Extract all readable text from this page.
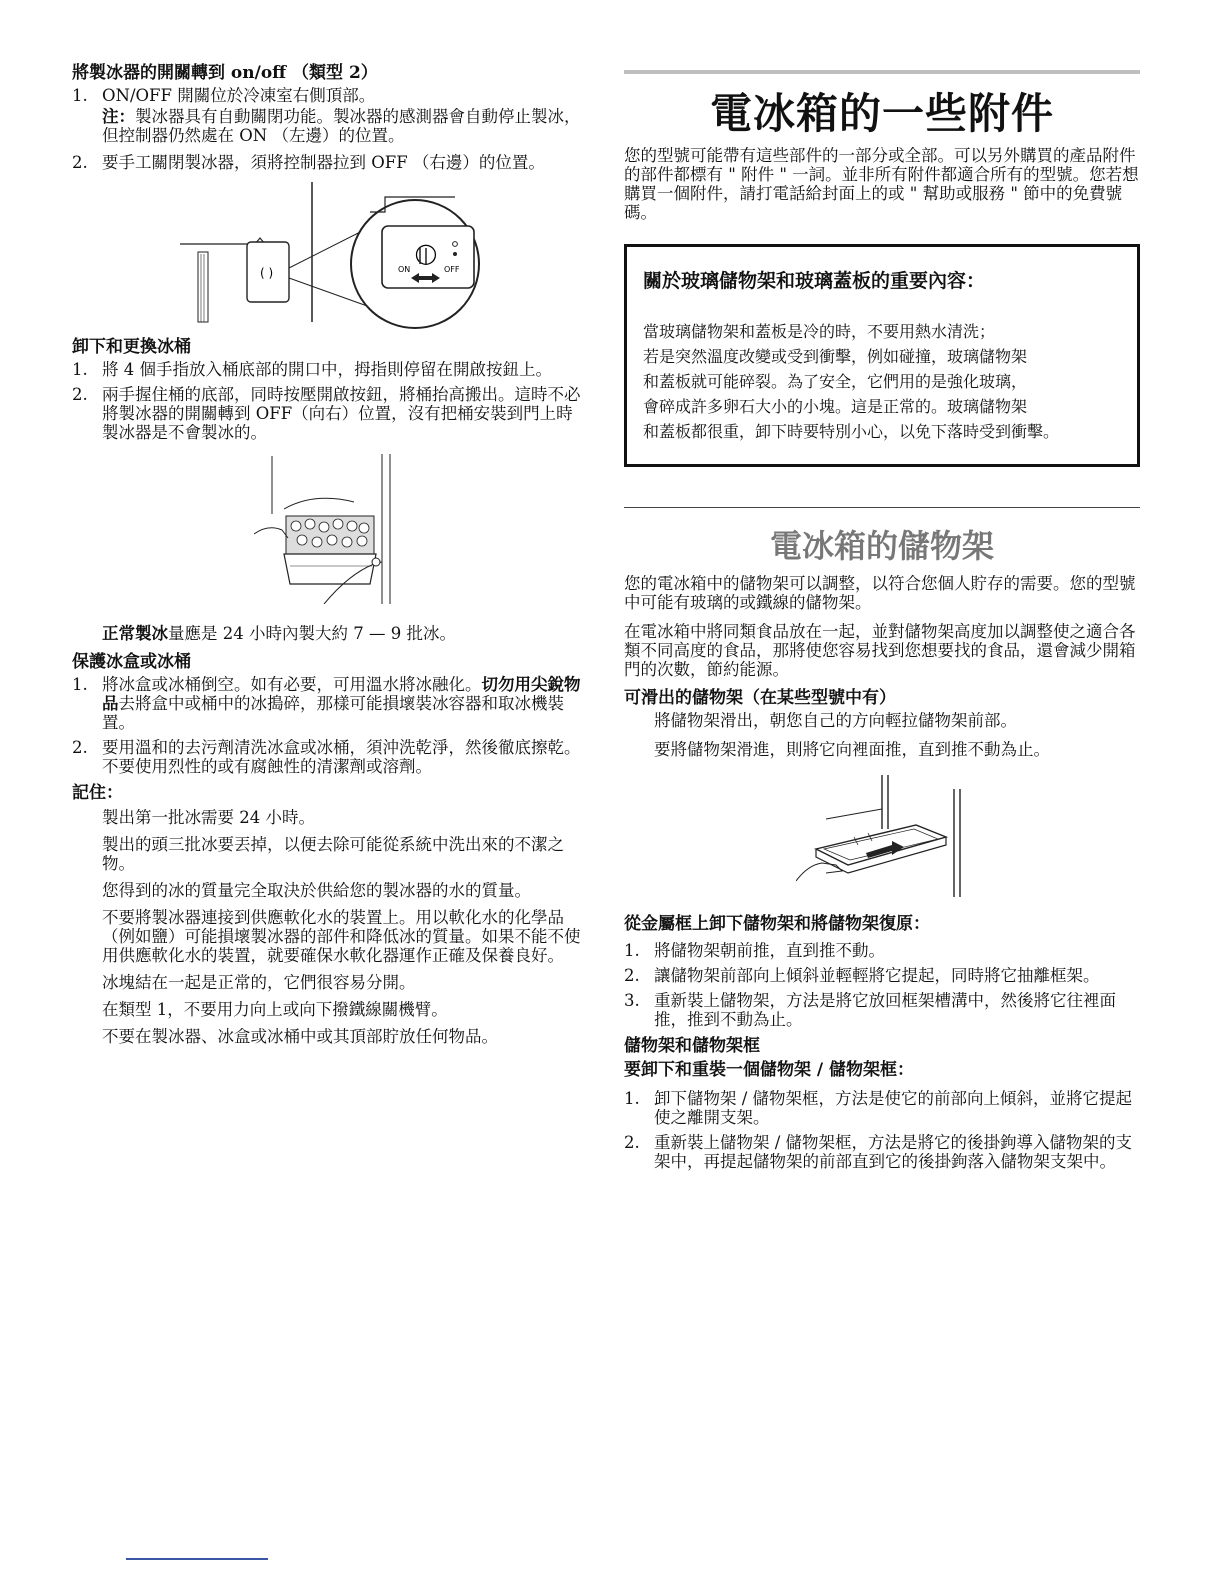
將製冰器的開關轉到 on/off （類型 2）
1. ON/OFF 開關位於冷凍室右側頂部。
注：製冰器具有自動關閉功能。製冰器的感測器會自動停止製冰，但控制器仍然處在 ON （左邊）的位置。
2. 要手工關閉製冰器，須將控制器拉到 OFF （右邊）的位置。
( )
◯
ON	OFF
卸下和更換冰桶
1. 將 4 個手指放入桶底部的開口中，拇指則停留在開啟按鈕上。
2. 兩手握住桶的底部，同時按壓開啟按鈕，將桶抬高搬出。這時不必將製冰器的開關轉到 OFF（向右）位置，沒有把桶安裝到門上時製冰器是不會製冰的。

正常製冰量應是 24 小時內製大約 7 — 9 批冰。

保護冰盒或冰桶
1. 將冰盒或冰桶倒空。如有必要，可用溫水將冰融化。切勿用尖銳物品去將盒中或桶中的冰搗碎，那樣可能損壞裝冰容器和取冰機裝置。
2. 要用溫和的去污劑清洗冰盒或冰桶，須沖洗乾淨，然後徹底擦乾。不要使用烈性的或有腐蝕性的清潔劑或溶劑。
記住：

製出第一批冰需要 24 小時。

製出的頭三批冰要丟掉，以便去除可能從系統中洗出來的不潔之物。

您得到的冰的質量完全取決於供給您的製冰器的水的質量。

不要將製冰器連接到供應軟化水的裝置上。用以軟化水的化學品（例如鹽）可能損壞製冰器的部件和降低冰的質量。如果不能不使用供應軟化水的裝置，就要確保水軟化器運作正確及保養良好。

冰塊結在一起是正常的，它們很容易分開。

在類型 1，不要用力向上或向下撥鐵線關機臂。

不要在製冰器、冰盒或冰桶中或其頂部貯放任何物品。

電冰箱的一些附件

您的型號可能帶有這些部件的一部分或全部。可以另外購買的產品附件的部件都標有 " 附件 " 一詞。並非所有附件都適合所有的型號。您若想購買一個附件，請打電話給封面上的或 " 幫助或服務 " 節中的免費號碼。

關於玻璃儲物架和玻璃蓋板的重要內容：

當玻璃儲物架和蓋板是冷的時，不要用熱水清洗；

若是突然溫度改變或受到衝擊，例如碰撞，玻璃儲物架

和蓋板就可能碎裂。為了安全，它們用的是強化玻璃，

會碎成許多卵石大小的小塊。這是正常的。玻璃儲物架

和蓋板都很重，卸下時要特別小心，以免下落時受到衝擊。

電冰箱的儲物架

您的電冰箱中的儲物架可以調整，以符合您個人貯存的需要。您的型號中可能有玻璃的或鐵線的儲物架。

在電冰箱中將同類食品放在一起，並對儲物架高度加以調整使之適合各類不同高度的食品，那將使您容易找到您想要找的食品，還會減少開箱門的次數，節約能源。

可滑出的儲物架（在某些型號中有）

將儲物架滑出，朝您自己的方向輕拉儲物架前部。

要將儲物架滑進，則將它向裡面推，直到推不動為止。

從金屬框上卸下儲物架和將儲物架復原：
1. 將儲物架朝前推，直到推不動。
2. 讓儲物架前部向上傾斜並輕輕將它提起，同時將它抽離框架。
3. 重新裝上儲物架，方法是將它放回框架槽溝中，然後將它往裡面推，推到不動為止。
儲物架和儲物架框
要卸下和重裝一個儲物架 / 儲物架框：
1. 卸下儲物架 / 儲物架框，方法是使它的前部向上傾斜，並將它提起使之離開支架。
2. 重新裝上儲物架 / 儲物架框，方法是將它的後掛鉤導入儲物架的支架中，再提起儲物架的前部直到它的後掛鉤落入儲物架支架中。
